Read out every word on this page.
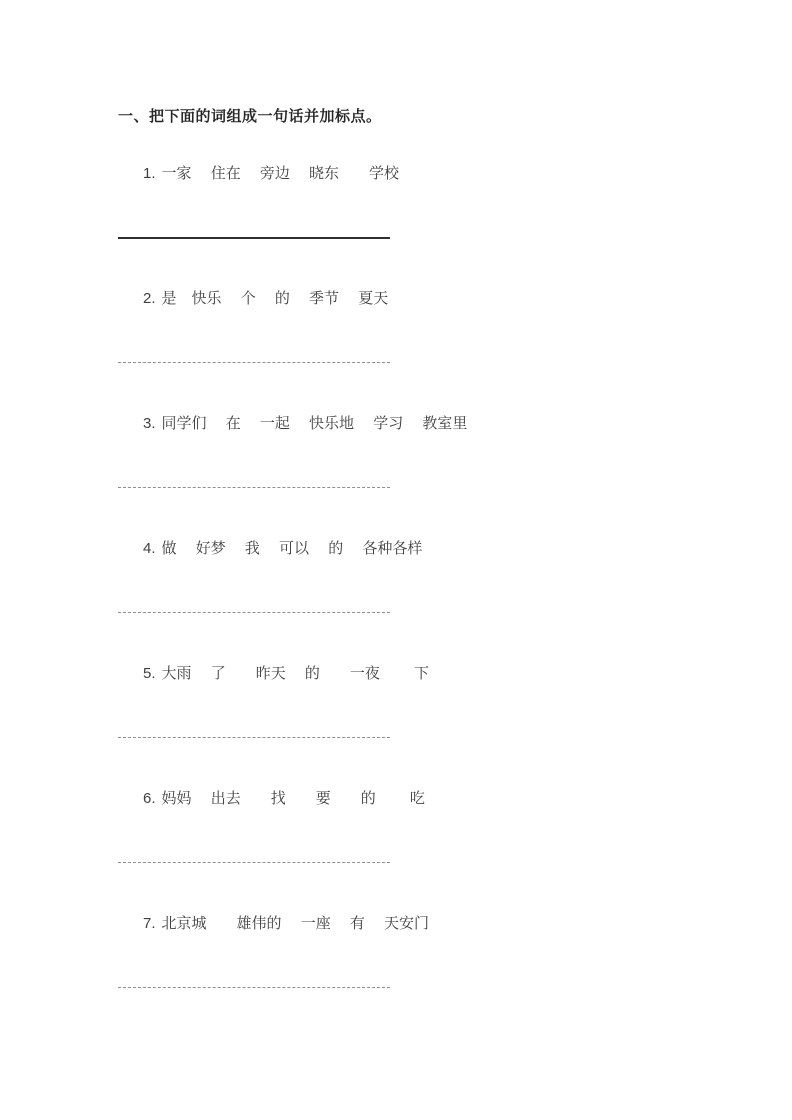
一、把下面的词组成一句话并加标点。

1. 一家　 住在　 旁边　 晓东　　学校

2. 是　快乐　 个　 的　 季节　 夏天

3. 同学们　 在　 一起　 快乐地　 学习　 教室里

4. 做　 好梦　 我　 可以　 的　 各种各样

5. 大雨　 了　　昨天　 的　　一夜　　 下

6. 妈妈　 出去　　找　　要　　的　　 吃

7. 北京城　　雄伟的　 一座　 有　 天安门
